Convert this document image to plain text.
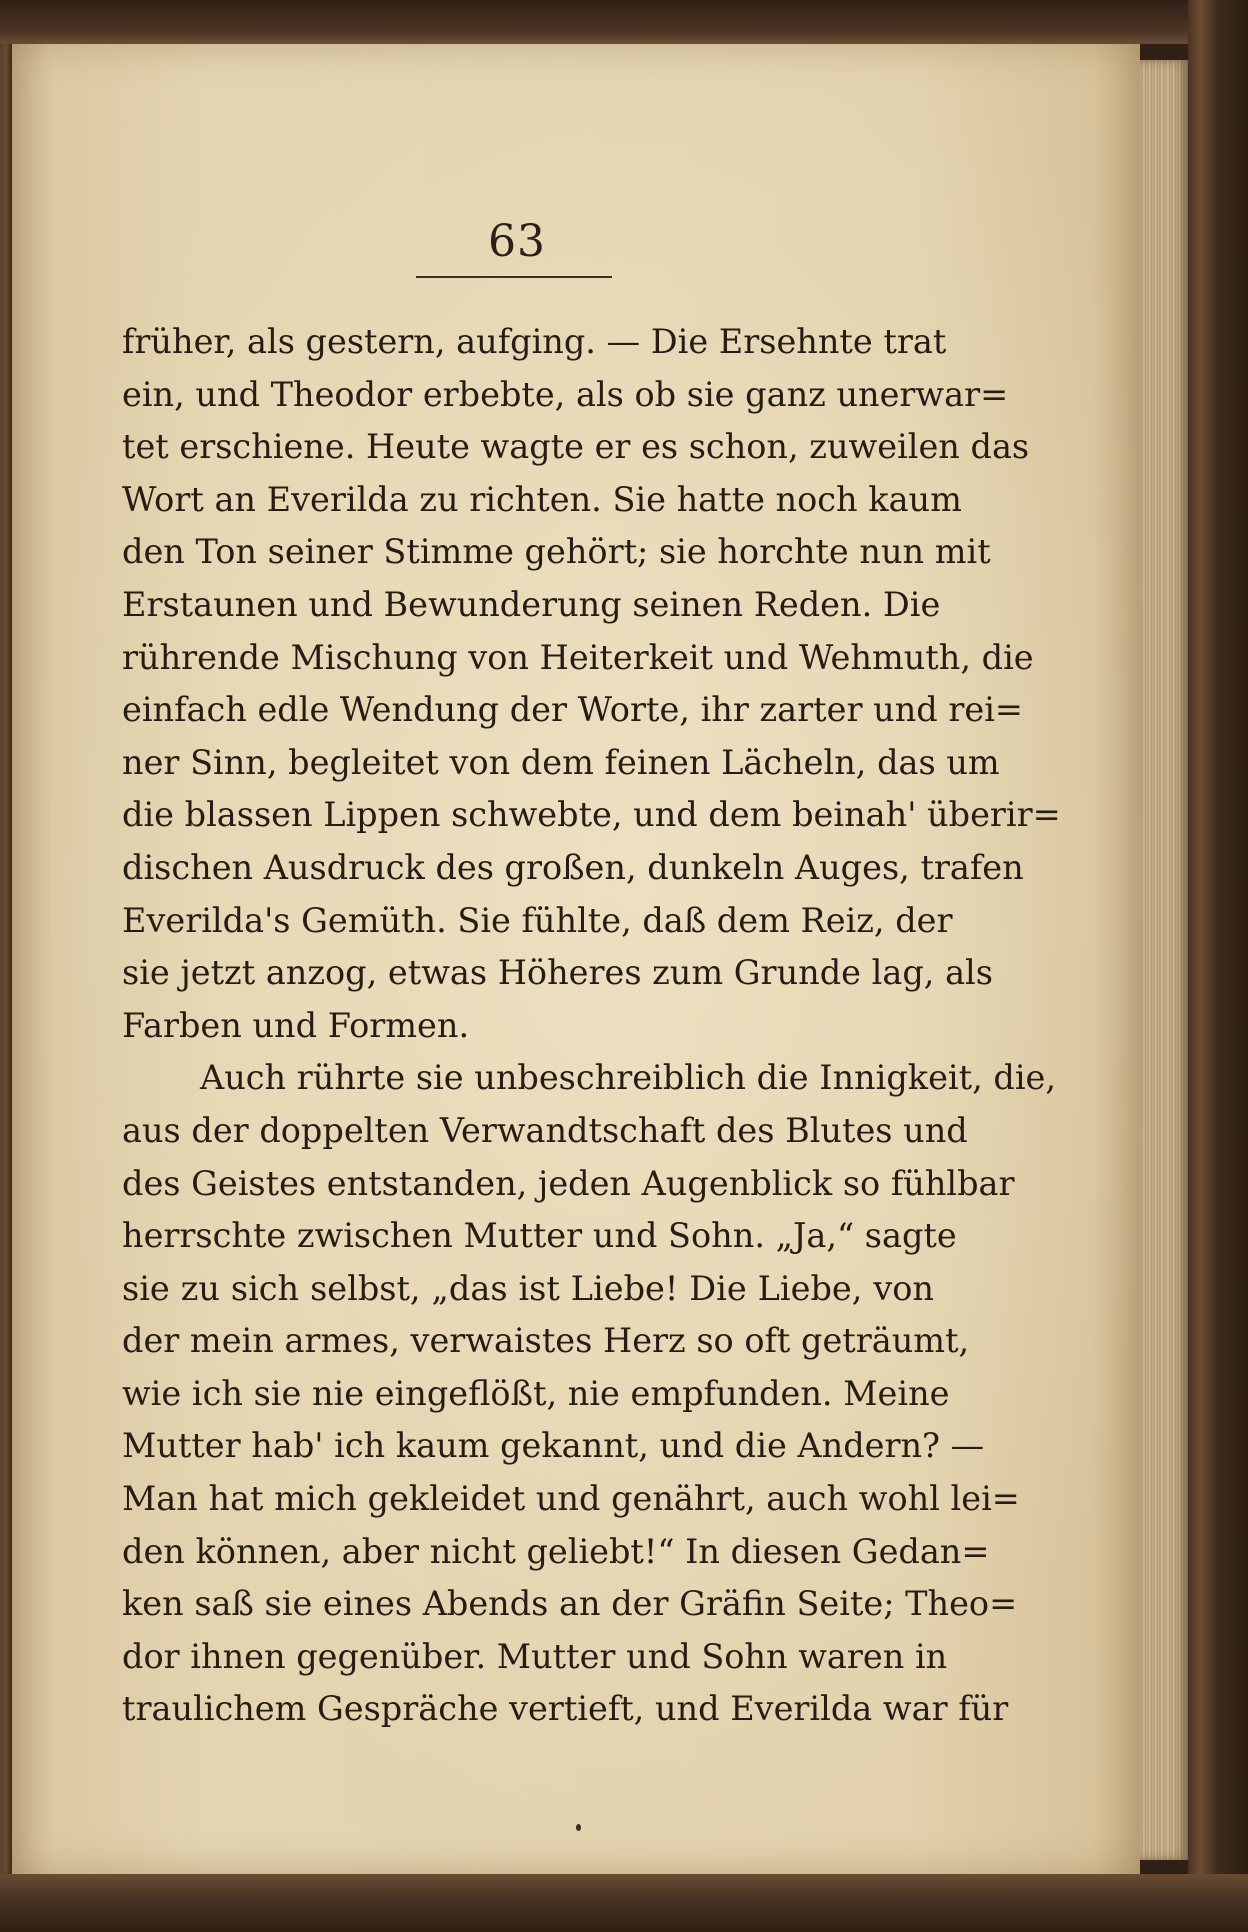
63
früher, als gestern, aufging. — Die Ersehnte trat
ein, und Theodor erbebte, als ob sie ganz unerwar=
tet erschiene. Heute wagte er es schon, zuweilen das
Wort an Everilda zu richten. Sie hatte noch kaum
den Ton seiner Stimme gehört; sie horchte nun mit
Erstaunen und Bewunderung seinen Reden. Die
rührende Mischung von Heiterkeit und Wehmuth, die
einfach edle Wendung der Worte, ihr zarter und rei=
ner Sinn, begleitet von dem feinen Lächeln, das um
die blassen Lippen schwebte, und dem beinah' überir=
dischen Ausdruck des großen, dunkeln Auges, trafen
Everilda's Gemüth. Sie fühlte, daß dem Reiz, der
sie jetzt anzog, etwas Höheres zum Grunde lag, als
Farben und Formen.
Auch rührte sie unbeschreiblich die Innigkeit, die,
aus der doppelten Verwandtschaft des Blutes und
des Geistes entstanden, jeden Augenblick so fühlbar
herrschte zwischen Mutter und Sohn. „Ja,“ sagte
sie zu sich selbst, „das ist Liebe! Die Liebe, von
der mein armes, verwaistes Herz so oft geträumt,
wie ich sie nie eingeflößt, nie empfunden. Meine
Mutter hab' ich kaum gekannt, und die Andern? —
Man hat mich gekleidet und genährt, auch wohl lei=
den können, aber nicht geliebt!“ In diesen Gedan=
ken saß sie eines Abends an der Gräfin Seite; Theo=
dor ihnen gegenüber. Mutter und Sohn waren in
traulichem Gespräche vertieft, und Everilda war für
